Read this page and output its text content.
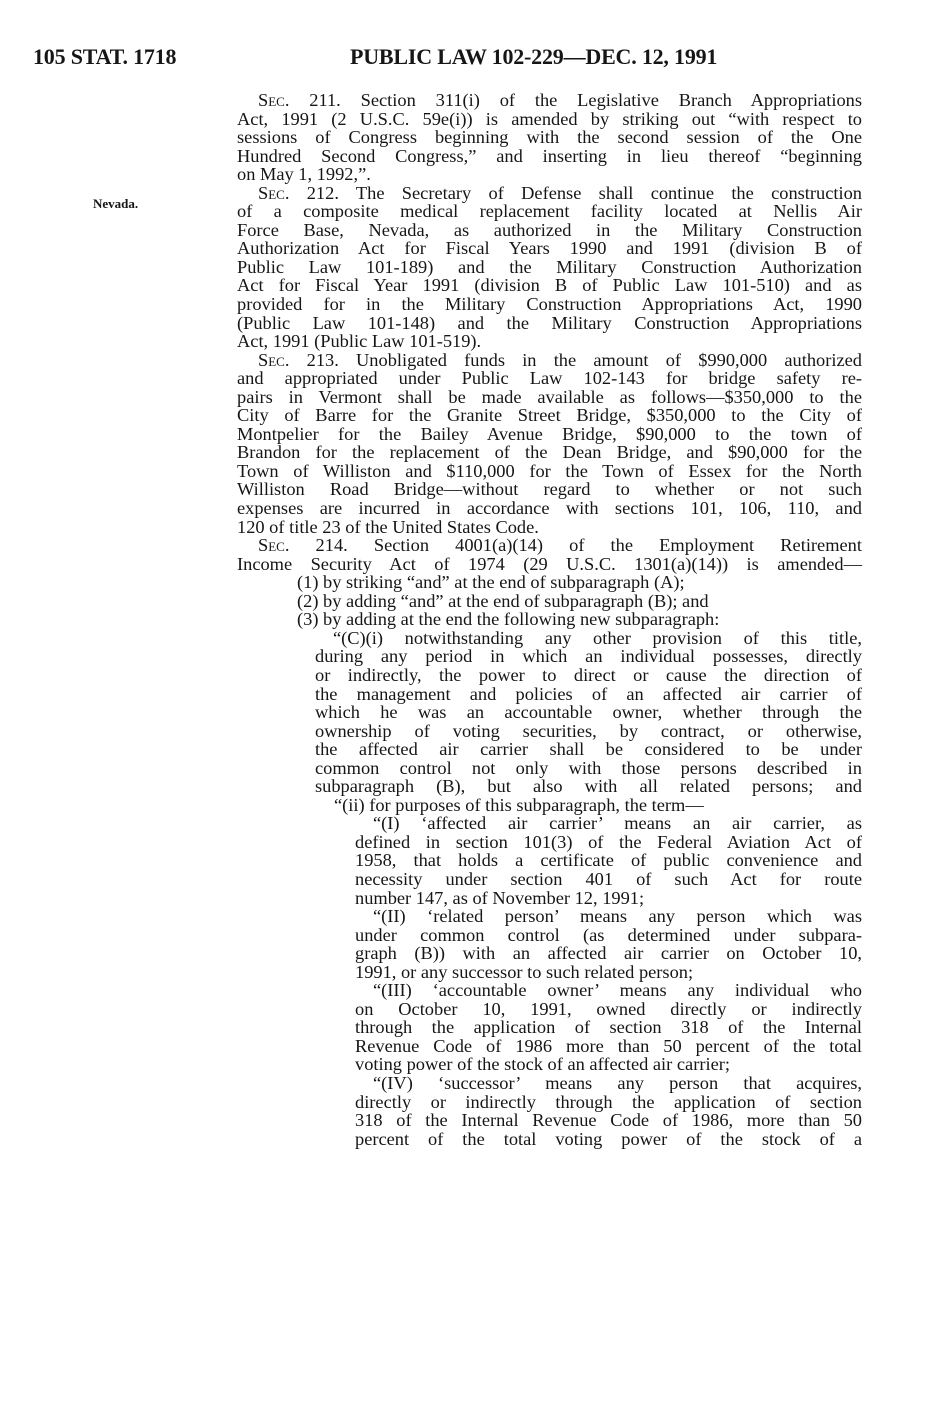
105 STAT. 1718	PUBLIC LAW 102-229—DEC. 12, 1991
Nevada.

Sec. 211. Section 311(i) of the Legislative Branch Appropriations

Act, 1991 (2 U.S.C. 59e(i)) is amended by striking out “with respect to

sessions of Congress beginning with the second session of the One

Hundred Second Congress,” and inserting in lieu thereof “beginning

on May 1, 1992,”.

Sec. 212. The Secretary of Defense shall continue the construction

of a composite medical replacement facility located at Nellis Air

Force Base, Nevada, as authorized in the Military Construction

Authorization Act for Fiscal Years 1990 and 1991 (division B of

Public Law 101-189) and the Military Construction Authorization

Act for Fiscal Year 1991 (division B of Public Law 101-510) and as

provided for in the Military Construction Appropriations Act, 1990

(Public Law 101-148) and the Military Construction Appropriations

Act, 1991 (Public Law 101-519).

Sec. 213. Unobligated funds in the amount of $990,000 authorized

and appropriated under Public Law 102-143 for bridge safety re-

pairs in Vermont shall be made available as follows—$350,000 to the

City of Barre for the Granite Street Bridge, $350,000 to the City of

Montpelier for the Bailey Avenue Bridge, $90,000 to the town of

Brandon for the replacement of the Dean Bridge, and $90,000 for the

Town of Williston and $110,000 for the Town of Essex for the North

Williston Road Bridge—without regard to whether or not such

expenses are incurred in accordance with sections 101, 106, 110, and

120 of title 23 of the United States Code.

Sec. 214. Section 4001(a)(14) of the Employment Retirement

Income Security Act of 1974 (29 U.S.C. 1301(a)(14)) is amended—

(1) by striking “and” at the end of subparagraph (A);

(2) by adding “and” at the end of subparagraph (B); and

(3) by adding at the end the following new subparagraph:

“(C)(i) notwithstanding any other provision of this title,

during any period in which an individual possesses, directly

or indirectly, the power to direct or cause the direction of

the management and policies of an affected air carrier of

which he was an accountable owner, whether through the

ownership of voting securities, by contract, or otherwise,

the affected air carrier shall be considered to be under

common control not only with those persons described in

subparagraph (B), but also with all related persons; and

“(ii) for purposes of this subparagraph, the term—

“(I) ‘affected air carrier’ means an air carrier, as

defined in section 101(3) of the Federal Aviation Act of

1958, that holds a certificate of public convenience and

necessity under section 401 of such Act for route

number 147, as of November 12, 1991;

“(II) ‘related person’ means any person which was

under common control (as determined under subpara-

graph (B)) with an affected air carrier on October 10,

1991, or any successor to such related person;

“(III) ‘accountable owner’ means any individual who

on October 10, 1991, owned directly or indirectly

through the application of section 318 of the Internal

Revenue Code of 1986 more than 50 percent of the total

voting power of the stock of an affected air carrier;

“(IV) ‘successor’ means any person that acquires,

directly or indirectly through the application of section

318 of the Internal Revenue Code of 1986, more than 50

percent of the total voting power of the stock of a
